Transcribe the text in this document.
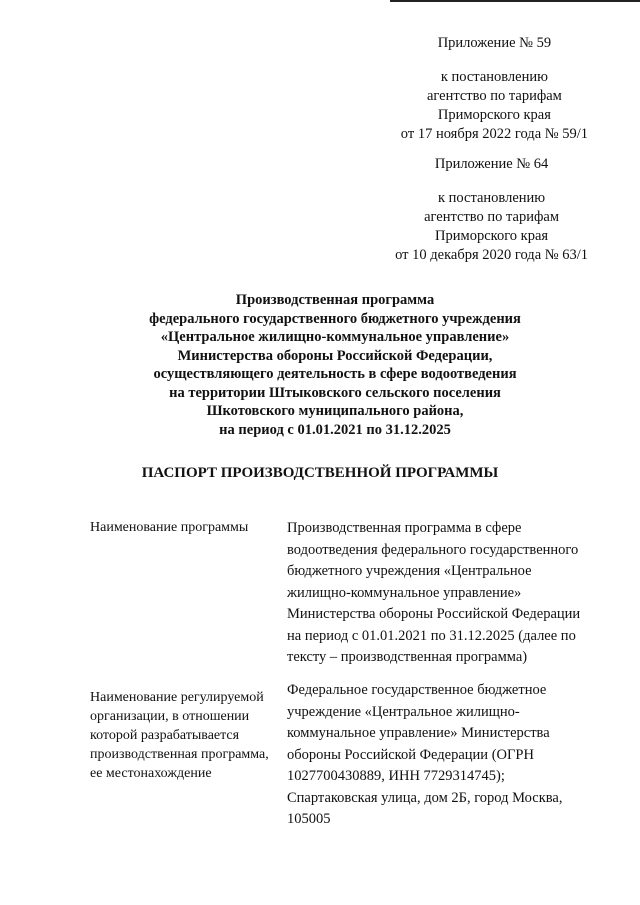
Приложение № 59
к постановлению
агентство по тарифам
Приморского края
от 17 ноября 2022 года № 59/1
Приложение № 64
к постановлению
агентство по тарифам
Приморского края
от 10 декабря 2020 года № 63/1
Производственная программа
федерального государственного бюджетного учреждения
«Центральное жилищно-коммунальное управление»
Министерства обороны Российской Федерации,
осуществляющего деятельность в сфере водоотведения
на территории Штыковского сельского поселения
Шкотовского муниципального района,
на период с 01.01.2021 по 31.12.2025
ПАСПОРТ ПРОИЗВОДСТВЕННОЙ ПРОГРАММЫ
Наименование программы	Производственная программа в сфере
водоотведения федерального государственного
бюджетного учреждения «Центральное
жилищно-коммунальное управление»
Министерства обороны Российской Федерации
на период с 01.01.2021 по 31.12.2025 (далее по
тексту – производственная программа)
Наименование регулируемой
организации, в отношении
которой разрабатывается
производственная программа,
ее местонахождение
Федеральное государственное бюджетное
учреждение «Центральное жилищно-
коммунальное управление» Министерства
обороны Российской Федерации (ОГРН
1027700430889, ИНН 7729314745);
Спартаковская улица, дом 2Б, город Москва,
105005
